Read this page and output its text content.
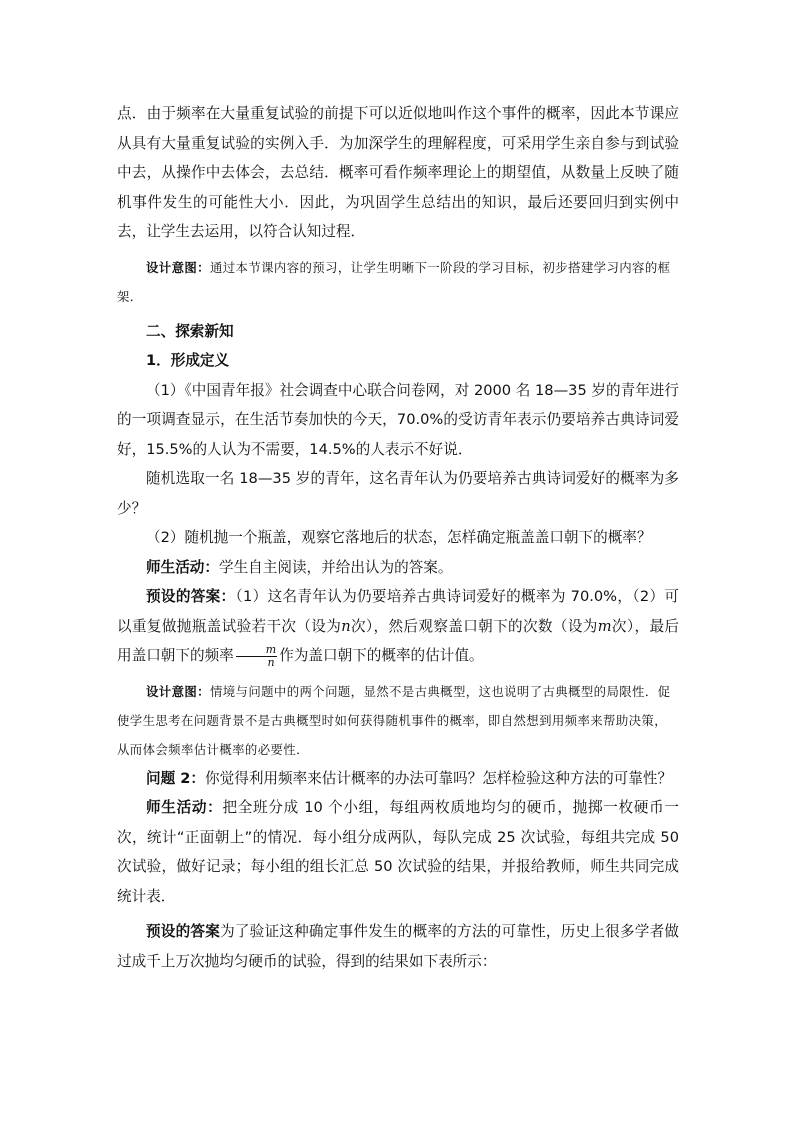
点．由于频率在大量重复试验的前提下可以近似地叫作这个事件的概率，因此本节课应从具有大量重复试验的实例入手．为加深学生的理解程度，可采用学生亲自参与到试验中去，从操作中去体会，去总结．概率可看作频率理论上的期望值，从数量上反映了随机事件发生的可能性大小．因此，为巩固学生总结出的知识，最后还要回归到实例中去，让学生去运用，以符合认知过程．

设计意图：通过本节课内容的预习，让学生明晰下一阶段的学习目标，初步搭建学习内容的框架．

二、探索新知

1．形成定义

（1）《中国青年报》社会调查中心联合问卷网，对 2000 名 18—35 岁的青年进行的一项调查显示，在生活节奏加快的今天，70.0%的受访青年表示仍要培养古典诗词爱好，15.5%的人认为不需要，14.5%的人表示不好说．

随机选取一名 18—35 岁的青年，这名青年认为仍要培养古典诗词爱好的概率为多少？

（2）随机抛一个瓶盖，观察它落地后的状态，怎样确定瓶盖盖口朝下的概率？

师生活动：学生自主阅读，并给出认为的答案。

预设的答案：（1）这名青年认为仍要培养古典诗词爱好的概率为 70.0%，（2）可以重复做抛瓶盖试验若干次（设为n次），然后观察盖口朝下的次数（设为m次），最后用盖口朝下的频率 $\frac{m}{n}$ 作为盖口朝下的概率的估计值。

设计意图：情境与问题中的两个问题，显然不是古典概型，这也说明了古典概型的局限性．促使学生思考在问题背景不是古典概型时如何获得随机事件的概率，即自然想到用频率来帮助决策，从而体会频率估计概率的必要性．

问题 2：你觉得利用频率来估计概率的办法可靠吗？怎样检验这种方法的可靠性？

师生活动：把全班分成 10 个小组，每组两枚质地均匀的硬币，抛掷一枚硬币一次，统计“正面朝上”的情况．每小组分成两队，每队完成 25 次试验，每组共完成 50 次试验，做好记录；每小组的组长汇总 50 次试验的结果，并报给教师，师生共同完成统计表．

预设的答案为了验证这种确定事件发生的概率的方法的可靠性，历史上很多学者做过成千上万次抛均匀硬币的试验，得到的结果如下表所示：
